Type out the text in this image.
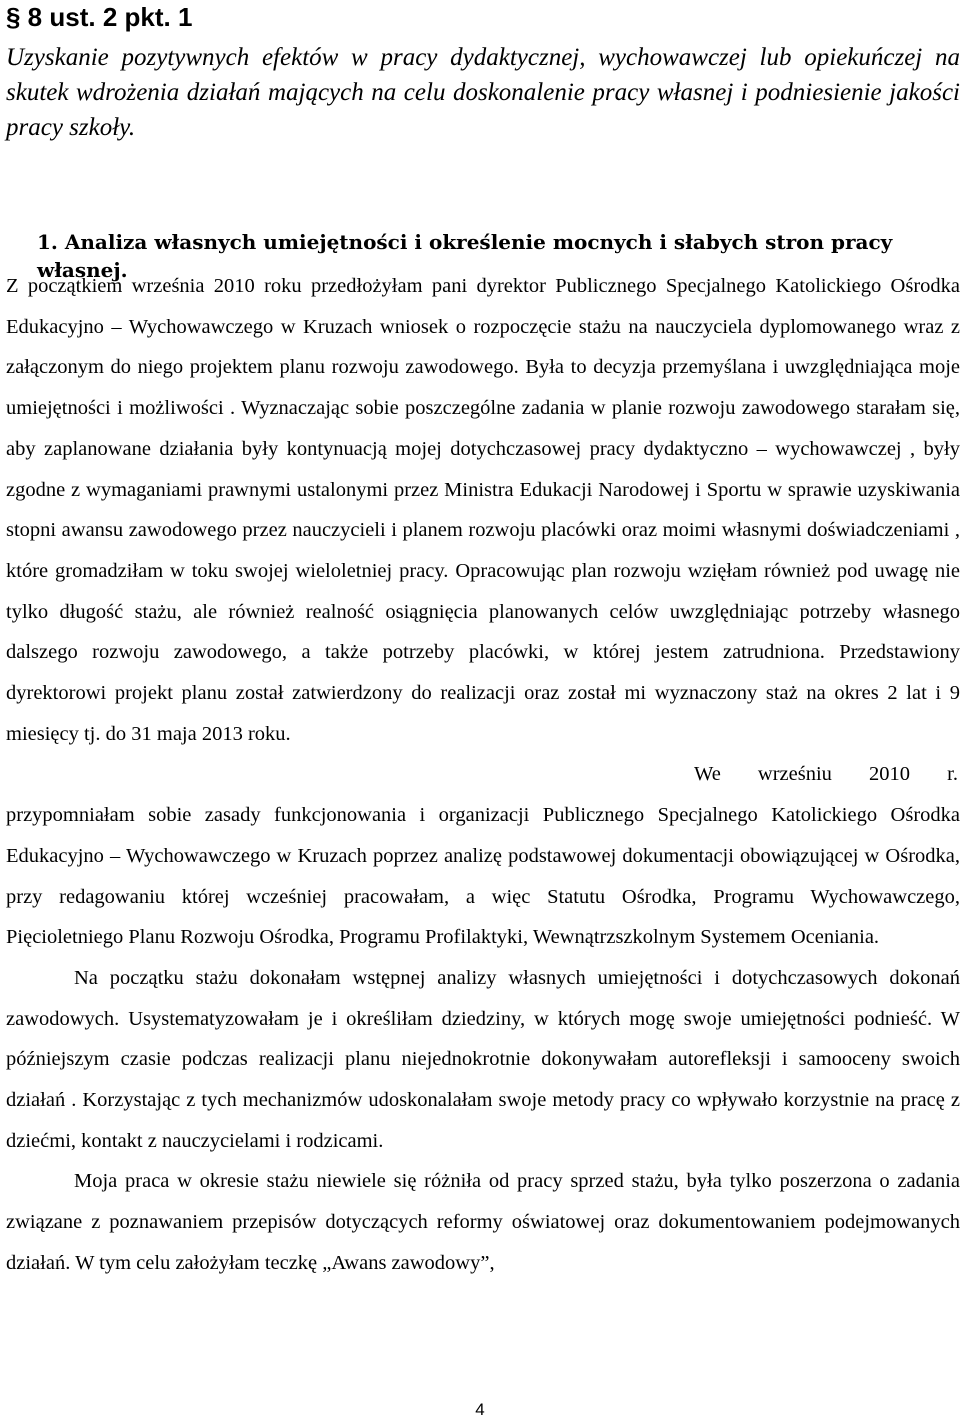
§ 8 ust. 2 pkt. 1

Uzyskanie pozytywnych efektów w pracy dydaktycznej, wychowawczej lub opiekuńczej na skutek wdrożenia działań mających na celu doskonalenie pracy własnej i podniesienie jakości pracy szkoły.

1. Analiza własnych umiejętności i określenie mocnych i słabych stron pracy własnej.

Z początkiem września 2010 roku przedłożyłam pani dyrektor Publicznego Specjalnego Katolickiego Ośrodka Edukacyjno – Wychowawczego w Kruzach wniosek o rozpoczęcie stażu na nauczyciela dyplomowanego wraz z załączonym do niego projektem planu rozwoju zawodowego. Była to decyzja przemyślana i uwzględniająca moje umiejętności i możliwości . Wyznaczając sobie poszczególne zadania w planie rozwoju zawodowego starałam się, aby zaplanowane działania były kontynuacją mojej dotychczasowej pracy dydaktyczno – wychowawczej , były zgodne z wymaganiami prawnymi ustalonymi przez Ministra Edukacji Narodowej i Sportu w sprawie uzyskiwania stopni awansu zawodowego przez nauczycieli i planem rozwoju placówki oraz moimi własnymi doświadczeniami , które gromadziłam w toku swojej wieloletniej pracy. Opracowując plan rozwoju wzięłam również pod uwagę nie tylko długość stażu, ale również realność osiągnięcia planowanych celów uwzględniając potrzeby własnego dalszego rozwoju zawodowego, a także potrzeby placówki, w której jestem zatrudniona. Przedstawiony dyrektorowi projekt planu został zatwierdzony do realizacji oraz został mi wyznaczony staż na okres 2 lat i 9 miesięcy tj. do 31 maja 2013 roku.

We wrześniu 2010 r.

przypomniałam sobie zasady funkcjonowania i organizacji Publicznego Specjalnego Katolickiego Ośrodka Edukacyjno – Wychowawczego w Kruzach poprzez analizę podstawowej dokumentacji obowiązującej w Ośrodka, przy redagowaniu której wcześniej pracowałam, a więc Statutu Ośrodka, Programu Wychowawczego, Pięcioletniego Planu Rozwoju Ośrodka, Programu Profilaktyki, Wewnątrzszkolnym Systemem Oceniania.

Na początku stażu dokonałam wstępnej analizy własnych umiejętności i dotychczasowych dokonań zawodowych. Usystematyzowałam je i określiłam dziedziny, w których mogę swoje umiejętności podnieść. W późniejszym czasie podczas realizacji planu niejednokrotnie dokonywałam autorefleksji i samooceny swoich działań . Korzystając z tych mechanizmów udoskonalałam swoje metody pracy co wpływało korzystnie na pracę z dziećmi, kontakt z nauczycielami i rodzicami.

Moja praca w okresie stażu niewiele się różniła od pracy sprzed stażu, była tylko poszerzona o zadania związane z poznawaniem przepisów dotyczących reformy oświatowej oraz dokumentowaniem podejmowanych działań. W tym celu założyłam teczkę „Awans zawodowy”,

4
